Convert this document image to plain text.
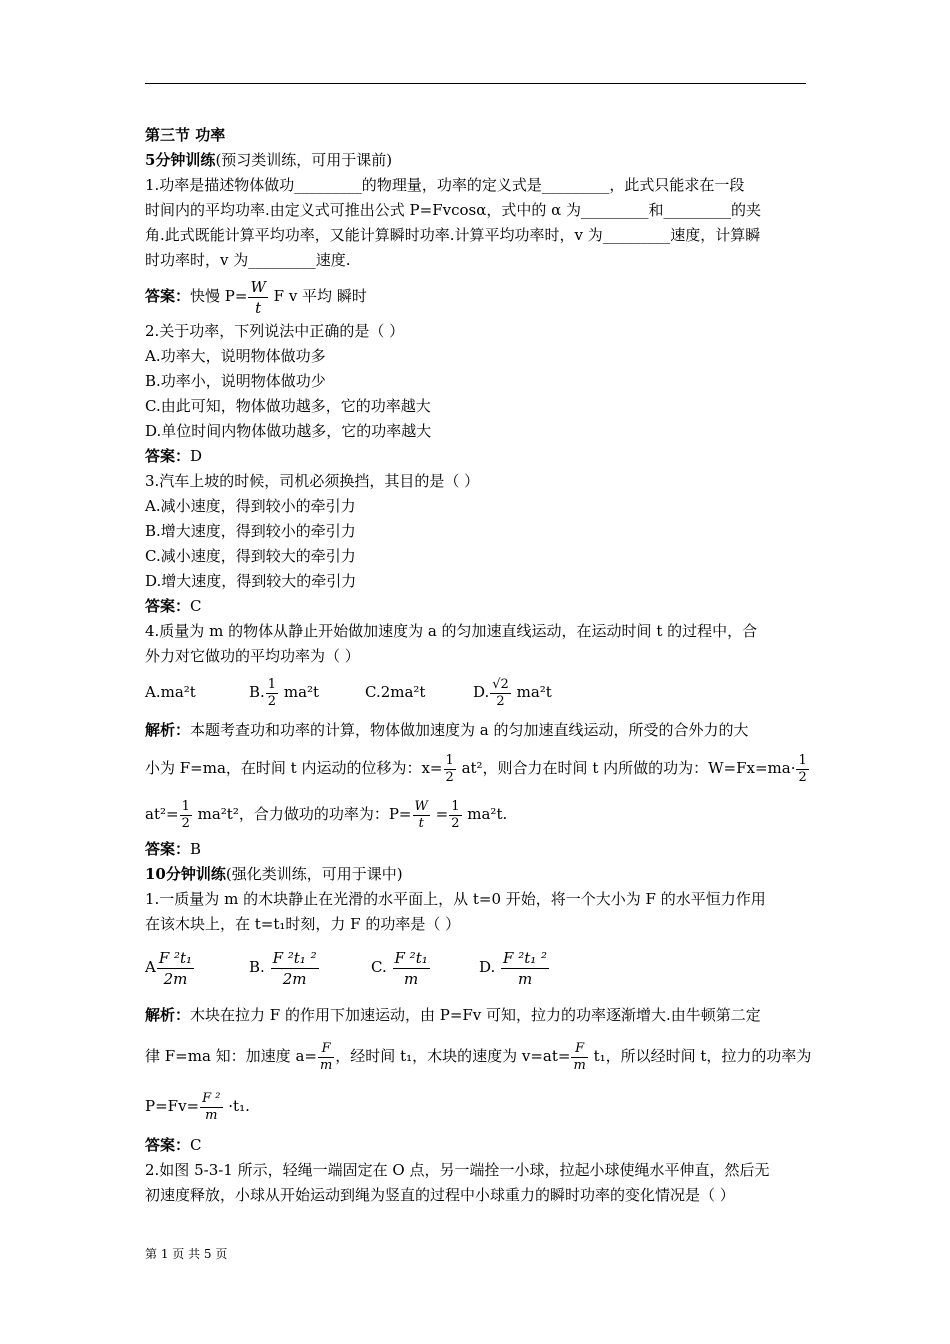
第三节 功率
5分钟训练(预习类训练，可用于课前)
1.功率是描述物体做功_________的物理量，功率的定义式是_________，此式只能求在一段
时间内的平均功率.由定义式可推出公式 P=Fvcosα，式中的 α 为_________和_________的夹
角.此式既能计算平均功率，又能计算瞬时功率.计算平均功率时，v 为_________速度，计算瞬
时功率时，v 为_________速度.
答案：快慢 $P= \frac{W}{t}$ F v 平均 瞬时
2.关于功率，下列说法中正确的是（ ）
A.功率大，说明物体做功多
B.功率小，说明物体做功少
C.由此可知，物体做功越多，它的功率越大
D.单位时间内物体做功越多，它的功率越大
答案：D
3.汽车上坡的时候，司机必须换挡，其目的是（ ）
A.减小速度，得到较小的牵引力
B.增大速度，得到较小的牵引力
C.减小速度，得到较大的牵引力
D.增大速度，得到较大的牵引力
答案：C
4.质量为 m 的物体从静止开始做加速度为 a 的匀加速直线运动，在运动时间 t 的过程中，合
外力对它做功的平均功率为（ ）
A.ma²t	B. $\frac{1}{2} ma^2t$	C.2ma²t	D. $\frac{√2}{2} ma^2t$
解析：本题考查功和功率的计算，物体做加速度为 a 的匀加速直线运动，所受的合外力的大
小为 F=ma，在时间 t 内运动的位移为：$x= \frac{1}{2} at^2$，则合力在时间 t 内所做的功为：$W=Fx=ma\cdot \frac{1}{2}$
$at^2= \frac{1}{2} ma^2t^2$，合力做功的功率为：$P= \frac{W}{t} = \frac{1}{2} ma^2t$.
答案：B
10分钟训练(强化类训练，可用于课中)
1.一质量为 m 的木块静止在光滑的水平面上，从 t=0 开始，将一个大小为 F 的水平恒力作用
在该木块上，在 t=t₁时刻，力 F 的功率是（ ）
A $\frac{\text{F ²t₁}}{2m}$	B. $\frac{\text{F ²t₁ ²}}{2m}$	C. $\frac{\text{F ²t₁}}{m}$	D. $\frac{\text{F ²t₁ ²}}{m}$
解析：木块在拉力 F 的作用下加速运动，由 P=Fv 可知，拉力的功率逐渐增大.由牛顿第二定
律 F=ma 知：加速度 $a= \frac{F}{m}$ ，经时间 t₁，木块的速度为 $v=at= \frac{F}{m} t_1$，所以经时间 t，拉力的功率为
$P=Fv= \frac{\text{F ²}}{m} \cdot t_1$.
答案：C
2.如图 5-3-1 所示，轻绳一端固定在 O 点，另一端拴一小球，拉起小球使绳水平伸直，然后无
初速度释放，小球从开始运动到绳为竖直的过程中小球重力的瞬时功率的变化情况是（ ）
第 1 页 共 5 页
